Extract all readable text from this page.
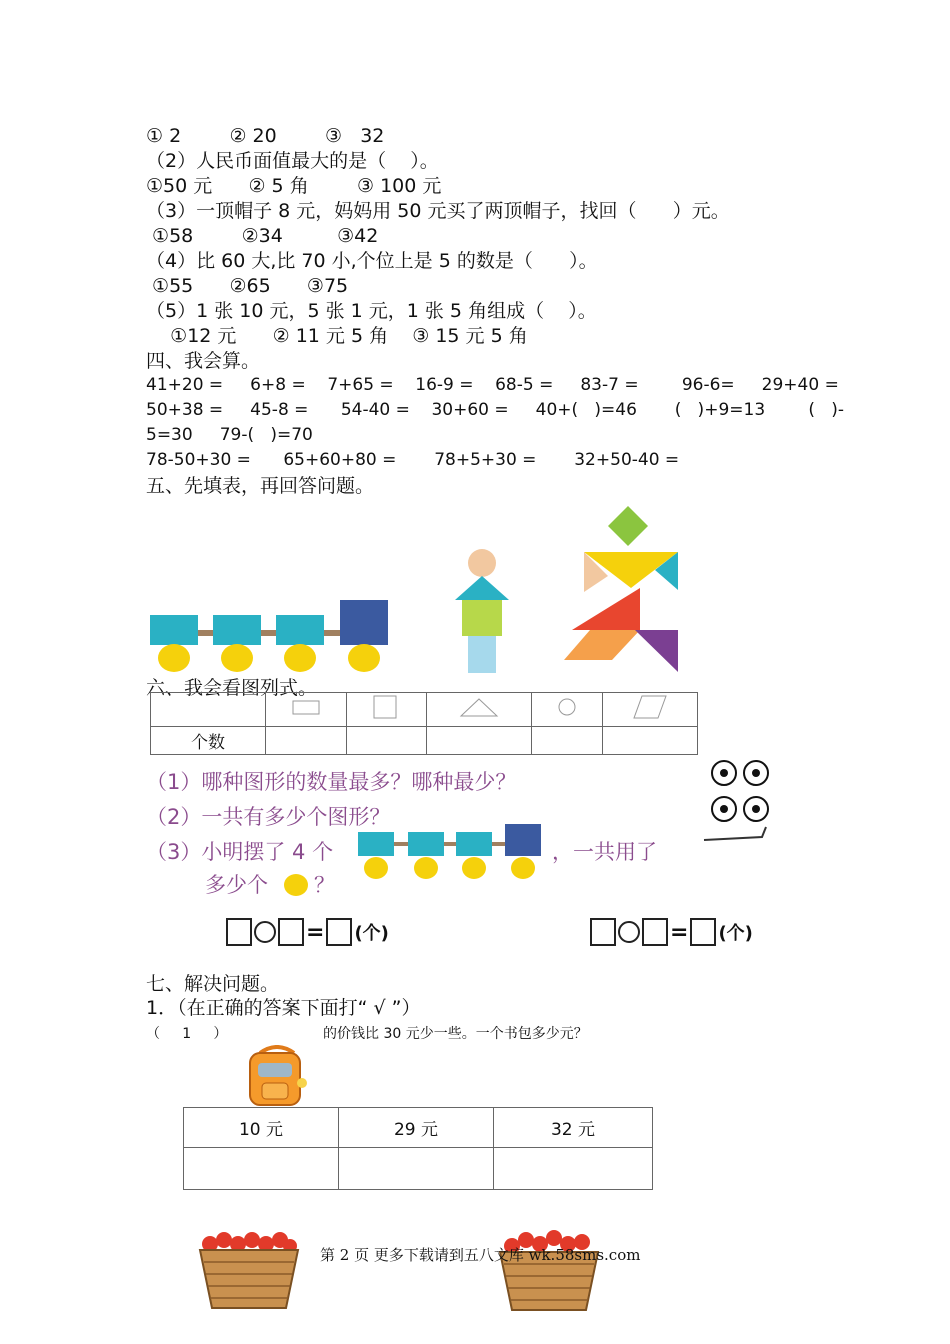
① 2        ② 20        ③   32
（2）人民币面值最大的是（    ）。
①50 元      ② 5 角        ③ 100 元
（3）一顶帽子 8 元，妈妈用 50 元买了两顶帽子，找回（      ）元。
①58        ②34         ③42
（4）比 60 大,比 70 小,个位上是 5 的数是（      ）。
①55      ②65      ③75
（5）1 张 10 元，5 张 1 元，1 张 5 角组成（    ）。
①12 元      ② 11 元 5 角    ③ 15 元 5 角
四、我会算。
41+20 =     6+8 =    7+65 =    16-9 =    68-5 =     83-7 =        96-6=     29+40 =
50+38 =     45-8 =      54-40 =    30+60 =     40+(   )=46       (   )+9=13        (   )-
5=30     79-(   )=70
78-50+30 =      65+60+80 =       78+5+30 =       32+50-40 =
五、先填表，再回答问题。
六、我会看图列式。

个数					
（1）哪种图形的数量最多？哪种最少？
（2）一共有多少个图形？
（3）小明摆了 4 个	，一共用了
多少个 ？
= (个)	= (个)
七、解决问题。
1．（在正确的答案下面打“ √ ”）
（     1     ）	的价钱比 30 元少一些。一个书包多少元？
10 元	29 元	32 元

第 2 页 更多下载请到五八文库 wk.58sms.com
